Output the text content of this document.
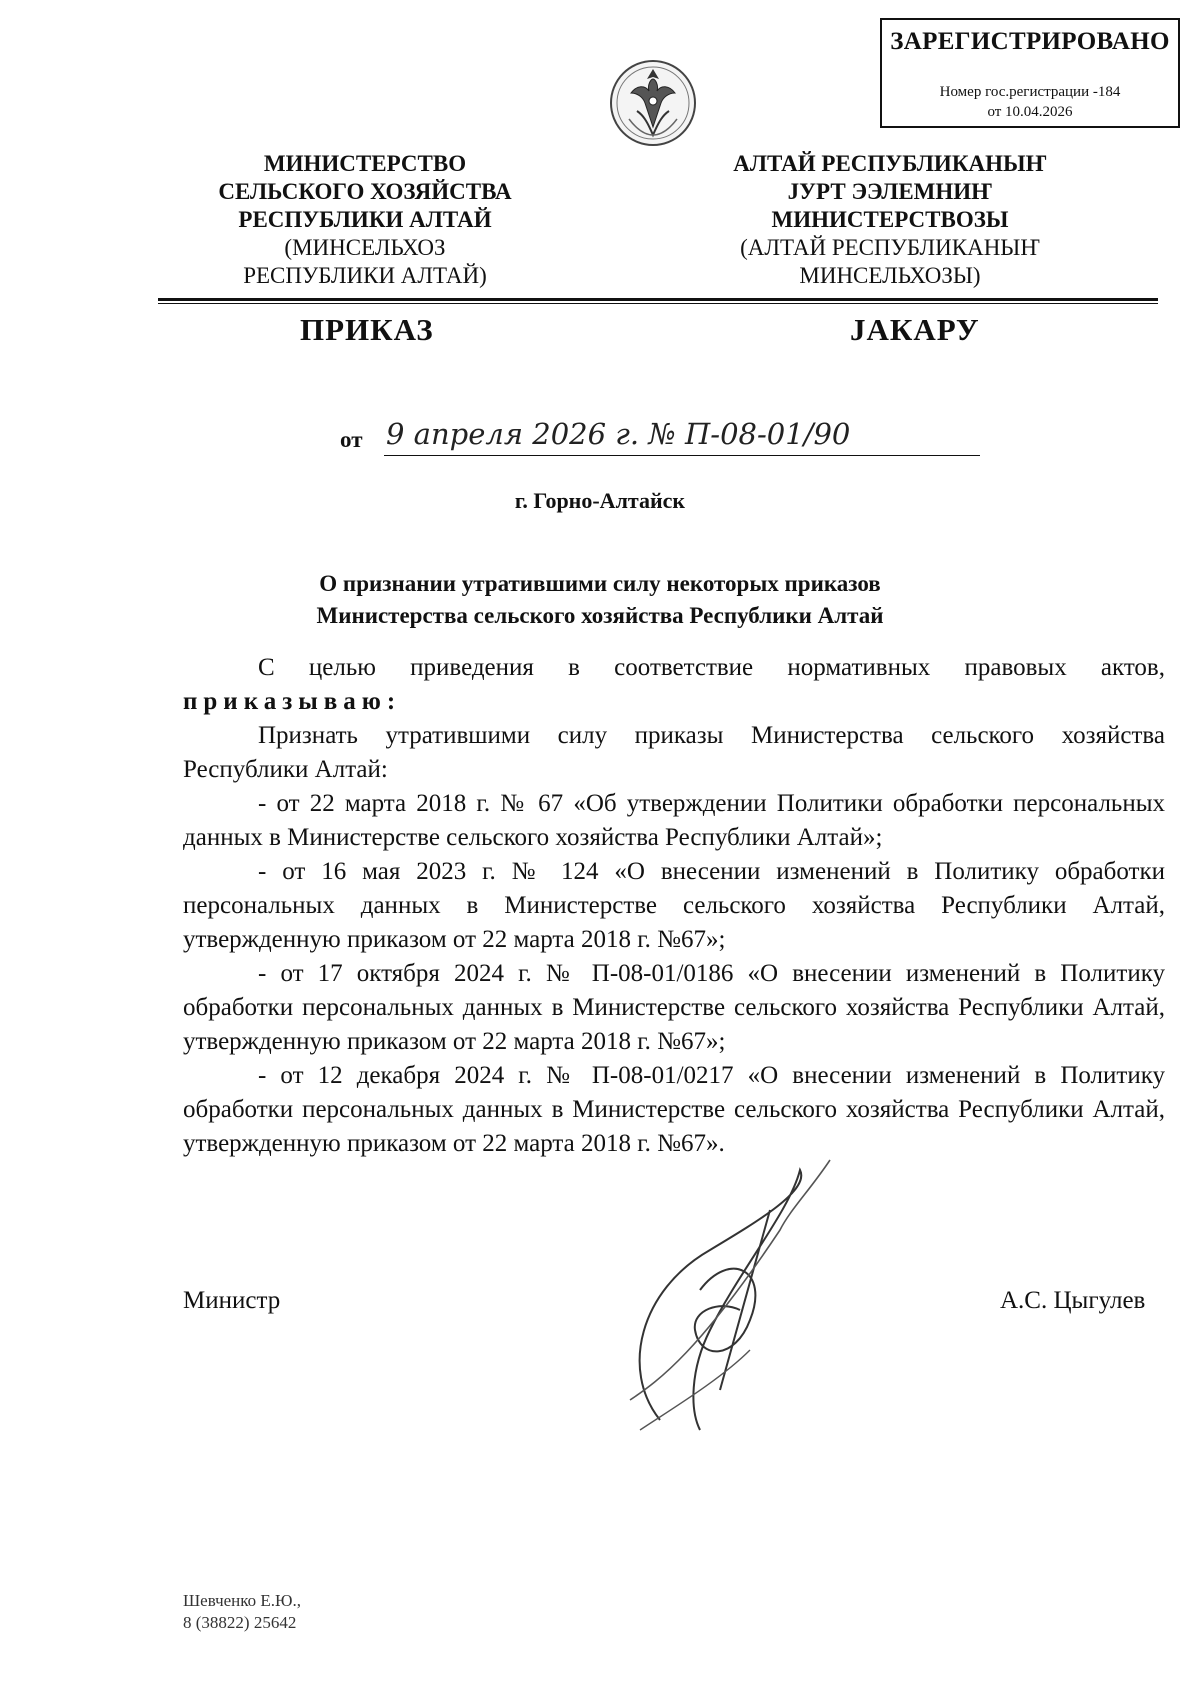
ЗАРЕГИСТРИРОВАНО
Номер гос.регистрации -184
от 10.04.2026
МИНИСТЕРСТВО
СЕЛЬСКОГО ХОЗЯЙСТВА
РЕСПУБЛИКИ АЛТАЙ
(МИНСЕЛЬХОЗ
РЕСПУБЛИКИ АЛТАЙ)
АЛТАЙ РЕСПУБЛИКАНЫҤ
ЈУРТ ЭЭЛЕМНИҤ
МИНИСТЕРСТВОЗЫ
(АЛТАЙ РЕСПУБЛИКАНЫҤ
МИНСЕЛЬХОЗЫ)
ПРИКАЗ	ЈАКАРУ
от 9 апреля 2026 г. № П-08-01/90
г. Горно-Алтайск
О признании утратившими силу некоторых приказов
Министерства сельского хозяйства Республики Алтай

С целью приведения в соответствие нормативных правовых актов,

приказываю:

Признать утратившими силу приказы Министерства сельского хозяйства Республики Алтай:

- от 22 марта 2018 г. № 67 «Об утверждении Политики обработки персональных данных в Министерстве сельского хозяйства Республики Алтай»;

- от 16 мая 2023 г. № 124 «О внесении изменений в Политику обработки персональных данных в Министерстве сельского хозяйства Республики Алтай, утвержденную приказом от 22 марта 2018 г. №67»;

- от 17 октября 2024 г. № П-08-01/0186 «О внесении изменений в Политику обработки персональных данных в Министерстве сельского хозяйства Республики Алтай, утвержденную приказом от 22 марта 2018 г. №67»;

- от 12 декабря 2024 г. № П-08-01/0217 «О внесении изменений в Политику обработки персональных данных в Министерстве сельского хозяйства Республики Алтай, утвержденную приказом от 22 марта 2018 г. №67».

Министр	А.С. Цыгулев
Шевченко Е.Ю.,
8 (38822) 25642
